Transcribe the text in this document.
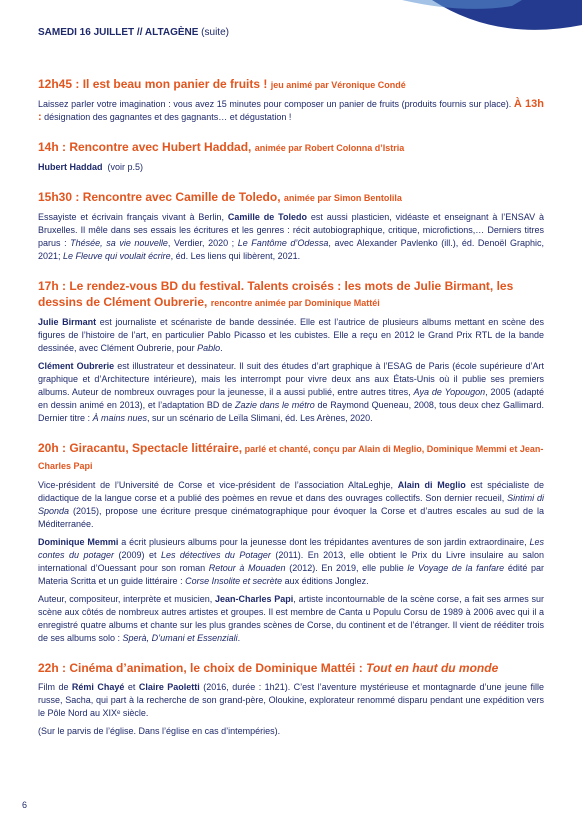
SAMEDI 16 JUILLET // ALTAGÈNE (suite)
12h45 : Il est beau mon panier de fruits ! jeu animé par Véronique Condé

Laissez parler votre imagination : vous avez 15 minutes pour composer un panier de fruits (produits fournis sur place). À 13h : désignation des gagnantes et des gagnants… et dégustation !

14h : Rencontre avec Hubert Haddad, animée par Robert Colonna d’Istria

Hubert Haddad (voir p.5)

15h30 : Rencontre avec Camille de Toledo, animée par Simon Bentolila

Essayiste et écrivain français vivant à Berlin, Camille de Toledo est aussi plasticien, vidéaste et enseignant à l’ENSAV à Bruxelles. Il mêle dans ses essais les écritures et les genres : récit autobiographique, critique, microfictions,… Derniers titres parus : Thésée, sa vie nouvelle, Verdier, 2020 ; Le Fantôme d’Odessa, avec Alexander Pavlenko (ill.), éd. Denoël Graphic, 2021; Le Fleuve qui voulait écrire, éd. Les liens qui libèrent, 2021.

17h : Le rendez-vous BD du festival. Talents croisés : les mots de Julie Birmant, les dessins de Clément Oubrerie, rencontre animée par Dominique Mattéi

Julie Birmant est journaliste et scénariste de bande dessinée. Elle est l’autrice de plusieurs albums mettant en scène des figures de l’histoire de l’art, en particulier Pablo Picasso et les cubistes. Elle a reçu en 2012 le Grand Prix RTL de la bande dessinée, avec Clément Oubrerie, pour Pablo.

Clément Oubrerie est illustrateur et dessinateur. Il suit des études d’art graphique à l’ESAG de Paris (école supérieure d’Art graphique et d’Architecture intérieure), mais les interrompt pour vivre deux ans aux États-Unis où il publie ses premiers albums. Auteur de nombreux ouvrages pour la jeunesse, il a aussi publié, entre autres titres, Aya de Yopougon, 2005 (adapté en dessin animé en 2013), et l’adaptation BD de Zazie dans le métro de Raymond Queneau, 2008, tous deux chez Gallimard. Dernier titre : À mains nues, sur un scénario de Leïla Slimani, éd. Les Arènes, 2020.

20h : Giracantu, Spectacle littéraire, parlé et chanté, conçu par Alain di Meglio, Dominique Memmi et Jean-Charles Papi

Vice-président de l’Université de Corse et vice-président de l’association AltaLeghje, Alain di Meglio est spécialiste de didactique de la langue corse et a publié des poèmes en revue et dans des ouvrages collectifs. Son dernier recueil, Sintimi di Sponda (2015), propose une écriture presque cinématographique pour évoquer la Corse et d’autres escales au sud de la Méditerranée.

Dominique Memmi a écrit plusieurs albums pour la jeunesse dont les trépidantes aventures de son jardin extraordinaire, Les contes du potager (2009) et Les détectives du Potager (2011). En 2013, elle obtient le Prix du Livre insulaire au salon international d’Ouessant pour son roman Retour à Mouaden (2012). En 2019, elle publie le Voyage de la fanfare édité par Materia Scritta et un guide littéraire : Corse Insolite et secrète aux éditions Jonglez.

Auteur, compositeur, interprète et musicien, Jean-Charles Papi, artiste incontournable de la scène corse, a fait ses armes sur scène aux côtés de nombreux autres artistes et groupes. Il est membre de Canta u Populu Corsu de 1989 à 2006 avec qui il a enregistré quatre albums et chante sur les plus grandes scènes de Corse, du continent et de l’étranger. Il vient de rééditer trois de ses albums solo : Sperà, D’umani et Essenziali.

22h : Cinéma d’animation, le choix de Dominique Mattéi : Tout en haut du monde

Film de Rémi Chayé et Claire Paoletti (2016, durée : 1h21). C’est l’aventure mystérieuse et montagnarde d’une jeune fille russe, Sacha, qui part à la recherche de son grand-père, Oloukine, explorateur renommé disparu pendant une expédition vers le Pôle Nord au XIXᵉ siècle.

(Sur le parvis de l’église. Dans l’église en cas d’intempéries).

6
